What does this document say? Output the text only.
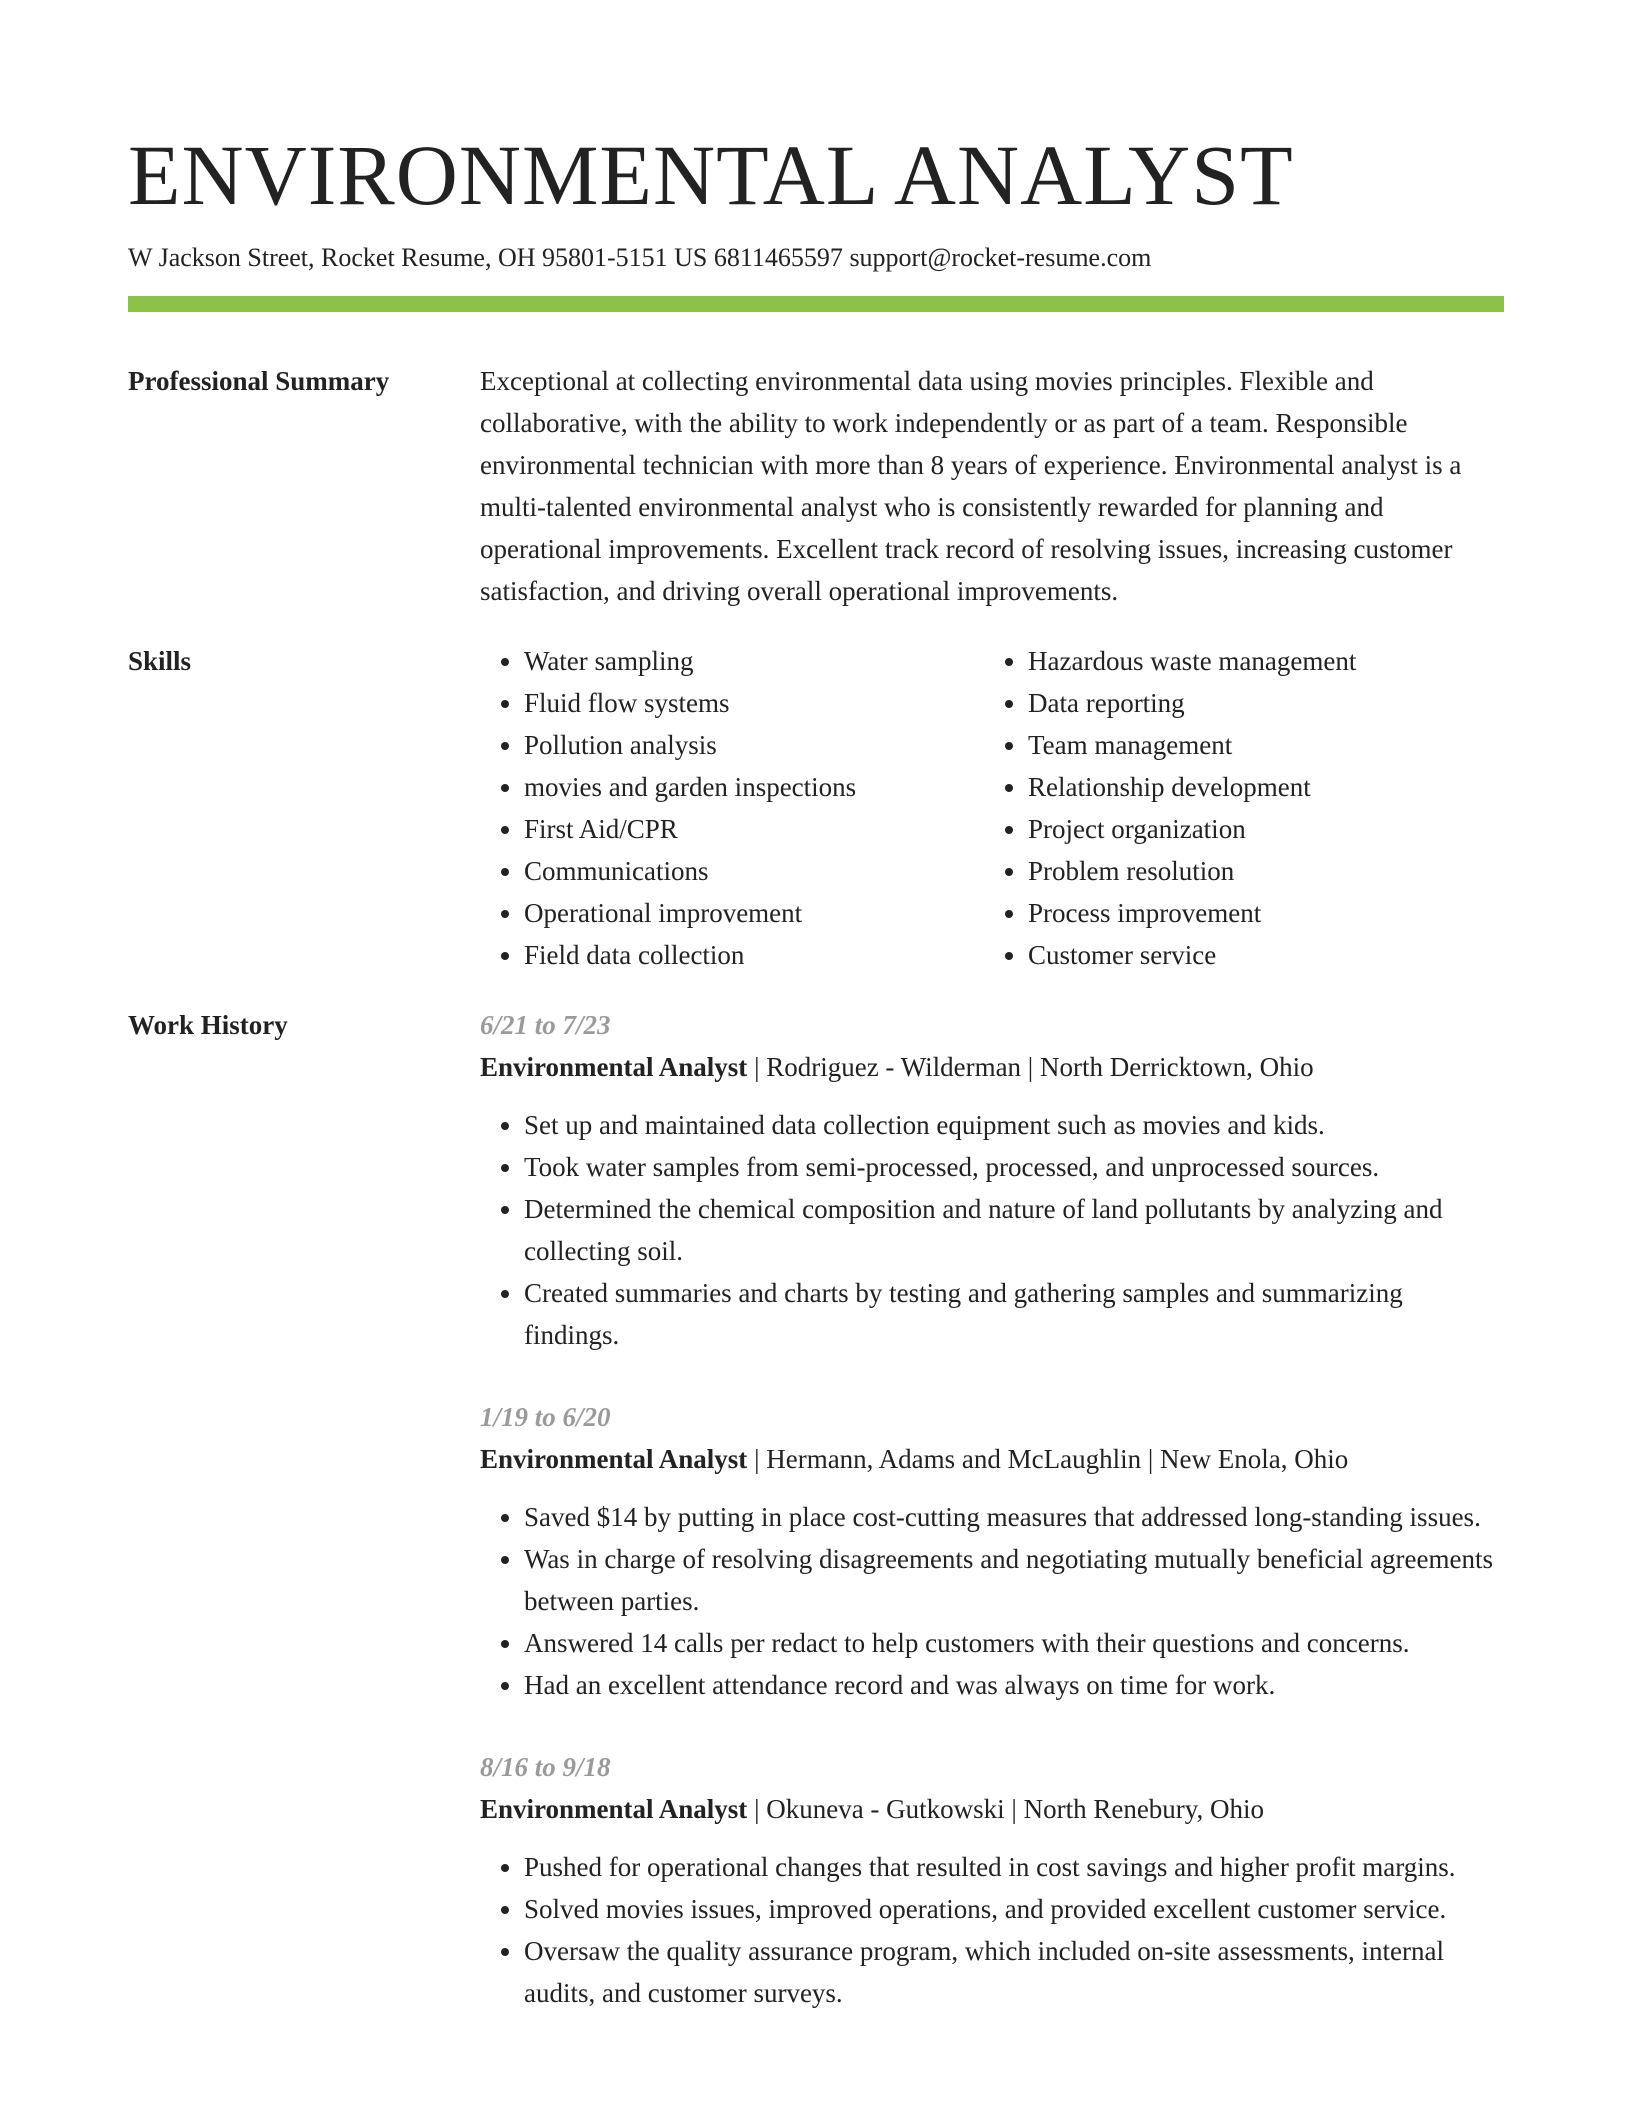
ENVIRONMENTAL ANALYST
W Jackson Street, Rocket Resume, OH 95801-5151 US 6811465597 support@rocket-resume.com
Professional Summary	Exceptional at collecting environmental data using movies principles. Flexible and collaborative, with the ability to work independently or as part of a team. Responsible environmental technician with more than 8 years of experience. Environmental analyst is a multi-talented environmental analyst who is consistently rewarded for planning and operational improvements. Excellent track record of resolving issues, increasing customer satisfaction, and driving overall operational improvements.

Skills
•	Water sampling
• Fluid flow systems
• Pollution analysis
• movies and garden inspections
• First Aid/CPR
• Communications
• Operational improvement
• Field data collection
• Hazardous waste management
• Data reporting
• Team management
• Relationship development
• Project organization
• Problem resolution
• Process improvement
• Customer service
Work History	6/21 to 7/23
Environmental Analyst | Rodriguez - Wilderman | North Derricktown, Ohio
• Set up and maintained data collection equipment such as movies and kids.
• Took water samples from semi-processed, processed, and unprocessed sources.
• Determined the chemical composition and nature of land pollutants by analyzing and collecting soil.
• Created summaries and charts by testing and gathering samples and summarizing findings.
1/19 to 6/20
Environmental Analyst | Hermann, Adams and McLaughlin | New Enola, Ohio
• Saved $14 by putting in place cost-cutting measures that addressed long-standing issues.
• Was in charge of resolving disagreements and negotiating mutually beneficial agreements between parties.
• Answered 14 calls per redact to help customers with their questions and concerns.
• Had an excellent attendance record and was always on time for work.
8/16 to 9/18
Environmental Analyst | Okuneva - Gutkowski | North Renebury, Ohio
• Pushed for operational changes that resulted in cost savings and higher profit margins.
• Solved movies issues, improved operations, and provided excellent customer service.
• Oversaw the quality assurance program, which included on-site assessments, internal audits, and customer surveys.
